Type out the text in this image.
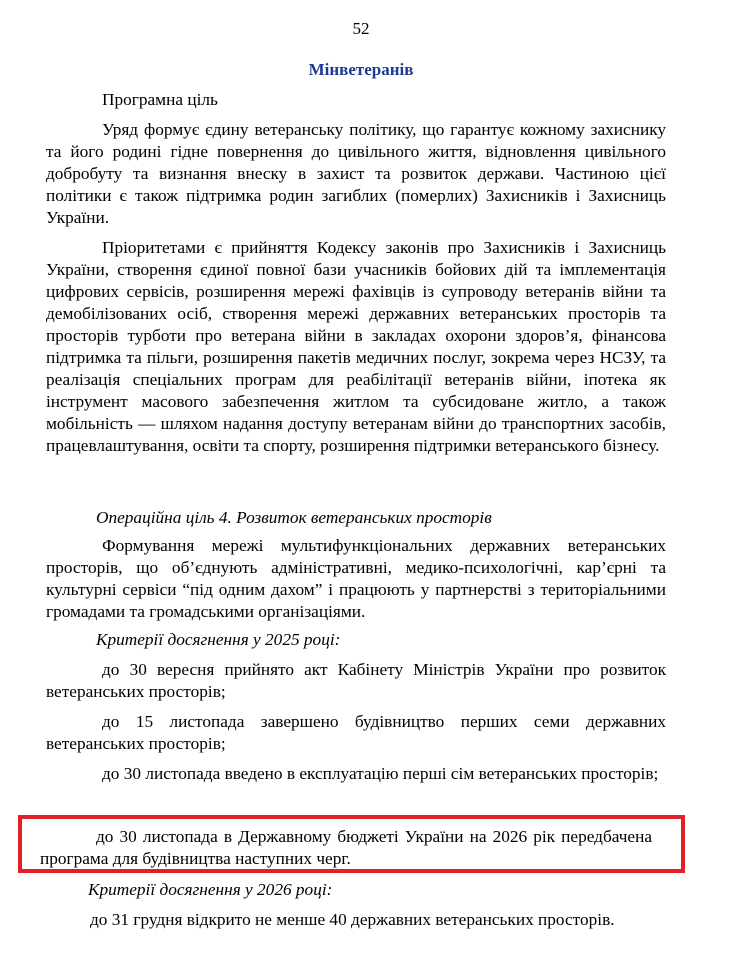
52
Мінветеранів
Програмна ціль

Уряд формує єдину ветеранську політику, що гарантує кожному захиснику та його родині гідне повернення до цивільного життя, відновлення цивільного добробуту та визнання внеску в захист та розвиток держави. Частиною цієї політики є також підтримка родин загиблих (померлих) Захисників і Захисниць України.

Пріоритетами є прийняття Кодексу законів про Захисників і Захисниць України, створення єдиної повної бази учасників бойових дій та імплементація цифрових сервісів, розширення мережі фахівців із супроводу ветеранів війни та демобілізованих осіб, створення мережі державних ветеранських просторів та просторів турботи про ветерана війни в закладах охорони здоров’я, фінансова підтримка та пільги, розширення пакетів медичних послуг, зокрема через НСЗУ, та реалізація спеціальних програм для реабілітації ветеранів війни, іпотека як інструмент масового забезпечення житлом та субсидоване житло, а також мобільність — шляхом надання доступу ветеранам війни до транспортних засобів, працевлаштування, освіти та спорту, розширення підтримки ветеранського бізнесу.

Операційна ціль 4. Розвиток ветеранських просторів

Формування мережі мультифункціональних державних ветеранських просторів, що об’єднують адміністративні, медико-психологічні, кар’єрні та культурні сервіси “під одним дахом” і працюють у партнерстві з територіальними громадами та громадськими організаціями.

Критерії досягнення у 2025 році:

до 30 вересня прийнято акт Кабінету Міністрів України про розвиток ветеранських просторів;

до 15 листопада завершено будівництво перших семи державних ветеранських просторів;

до 30 листопада введено в експлуатацію перші сім ветеранських просторів;

до 30 листопада в Державному бюджеті України на 2026 рік передбачена програма для будівництва наступних черг.

Критерії досягнення у 2026 році:

до 31 грудня відкрито не менше 40 державних ветеранських просторів.
